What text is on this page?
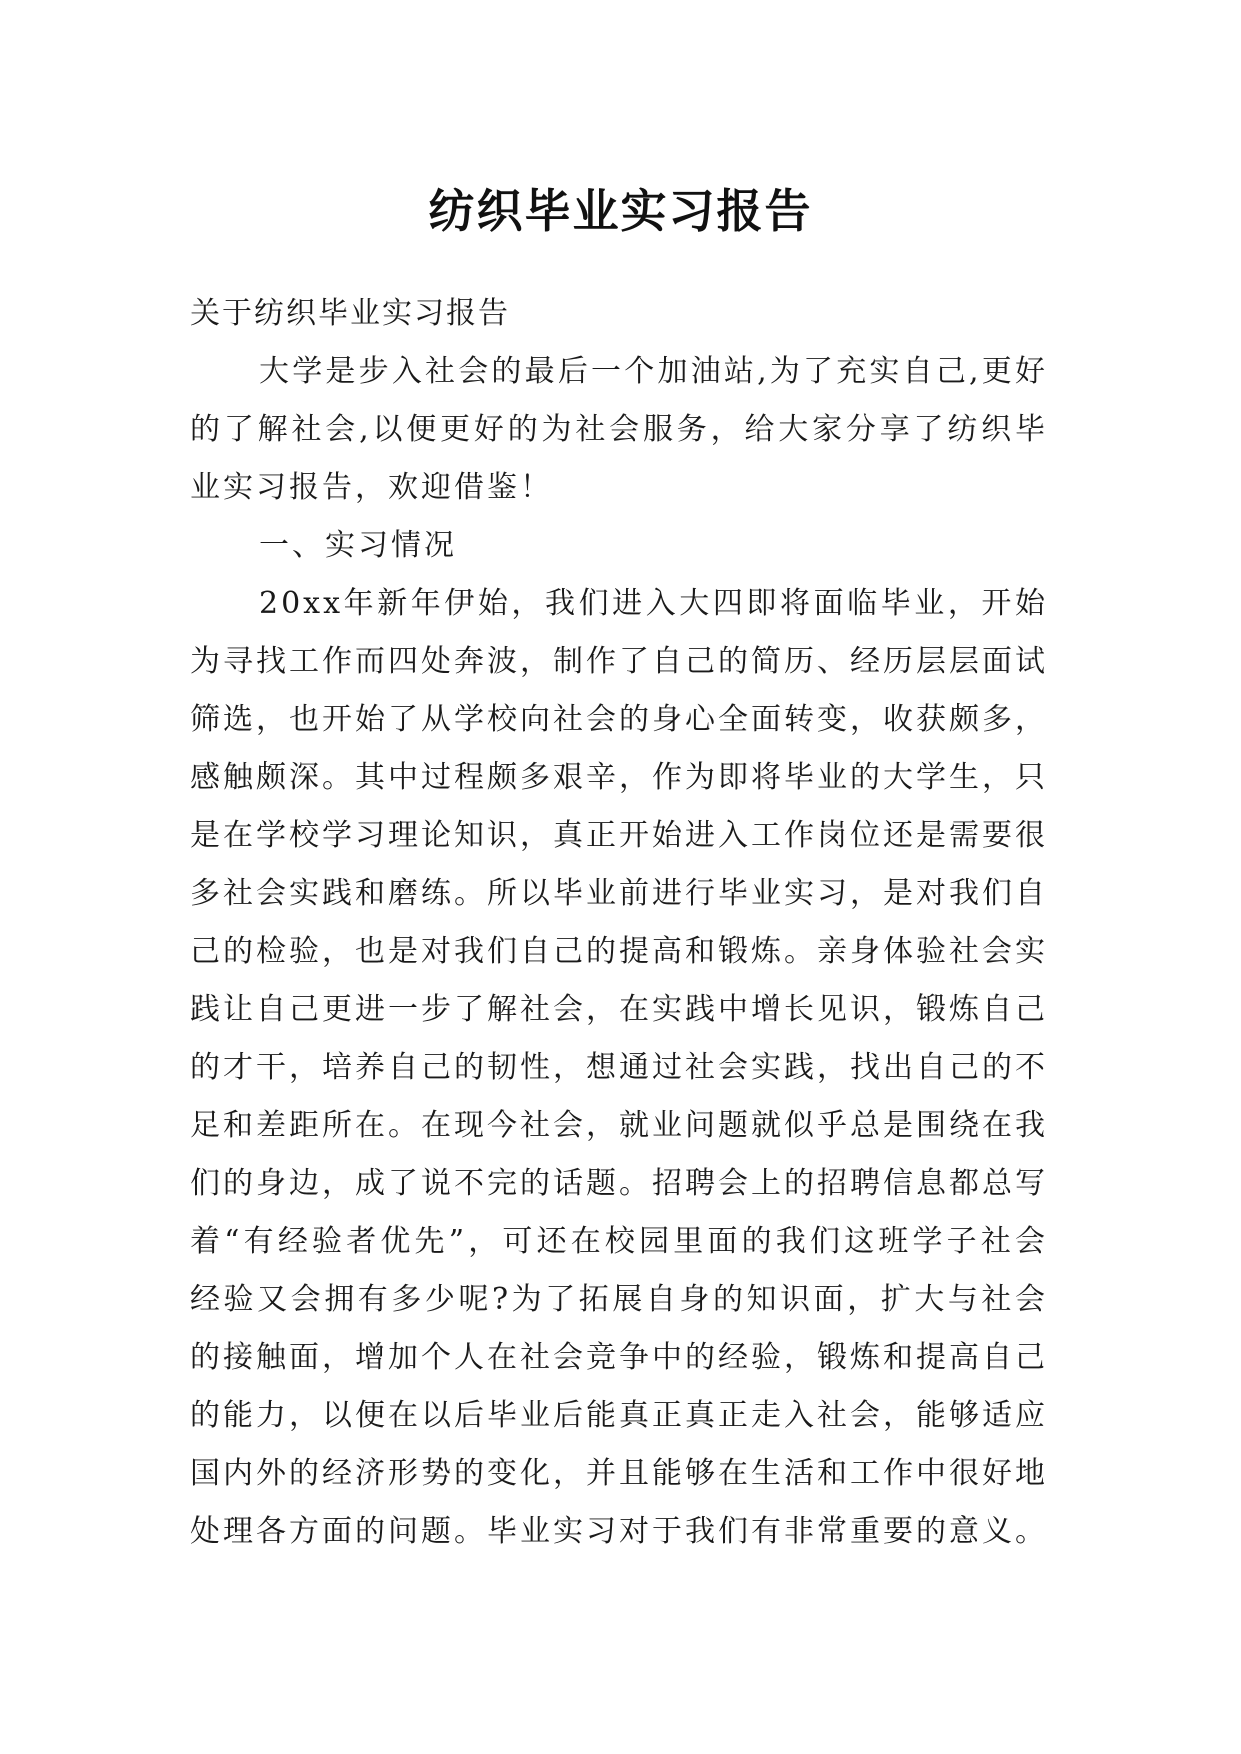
纺织毕业实习报告

关于纺织毕业实习报告

大学是步入社会的最后一个加油站,为了充实自己,更好的了解社会,以便更好的为社会服务，给大家分享了纺织毕业实习报告，欢迎借鉴！

一、实习情况

20xx年新年伊始，我们进入大四即将面临毕业，开始为寻找工作而四处奔波，制作了自己的简历、经历层层面试筛选，也开始了从学校向社会的身心全面转变，收获颇多，感触颇深。其中过程颇多艰辛，作为即将毕业的大学生，只是在学校学习理论知识，真正开始进入工作岗位还是需要很多社会实践和磨练。所以毕业前进行毕业实习，是对我们自己的检验，也是对我们自己的提高和锻炼。亲身体验社会实践让自己更进一步了解社会，在实践中增长见识，锻炼自己的才干，培养自己的韧性，想通过社会实践，找出自己的不足和差距所在。在现今社会，就业问题就似乎总是围绕在我们的身边，成了说不完的话题。招聘会上的招聘信息都总写着“有经验者优先”，可还在校园里面的我们这班学子社会经验又会拥有多少呢?为了拓展自身的知识面，扩大与社会的接触面，增加个人在社会竞争中的经验，锻炼和提高自己的能力，以便在以后毕业后能真正真正走入社会，能够适应国内外的经济形势的变化，并且能够在生活和工作中很好地处理各方面的问题。毕业实习对于我们有非常重要的意义。
